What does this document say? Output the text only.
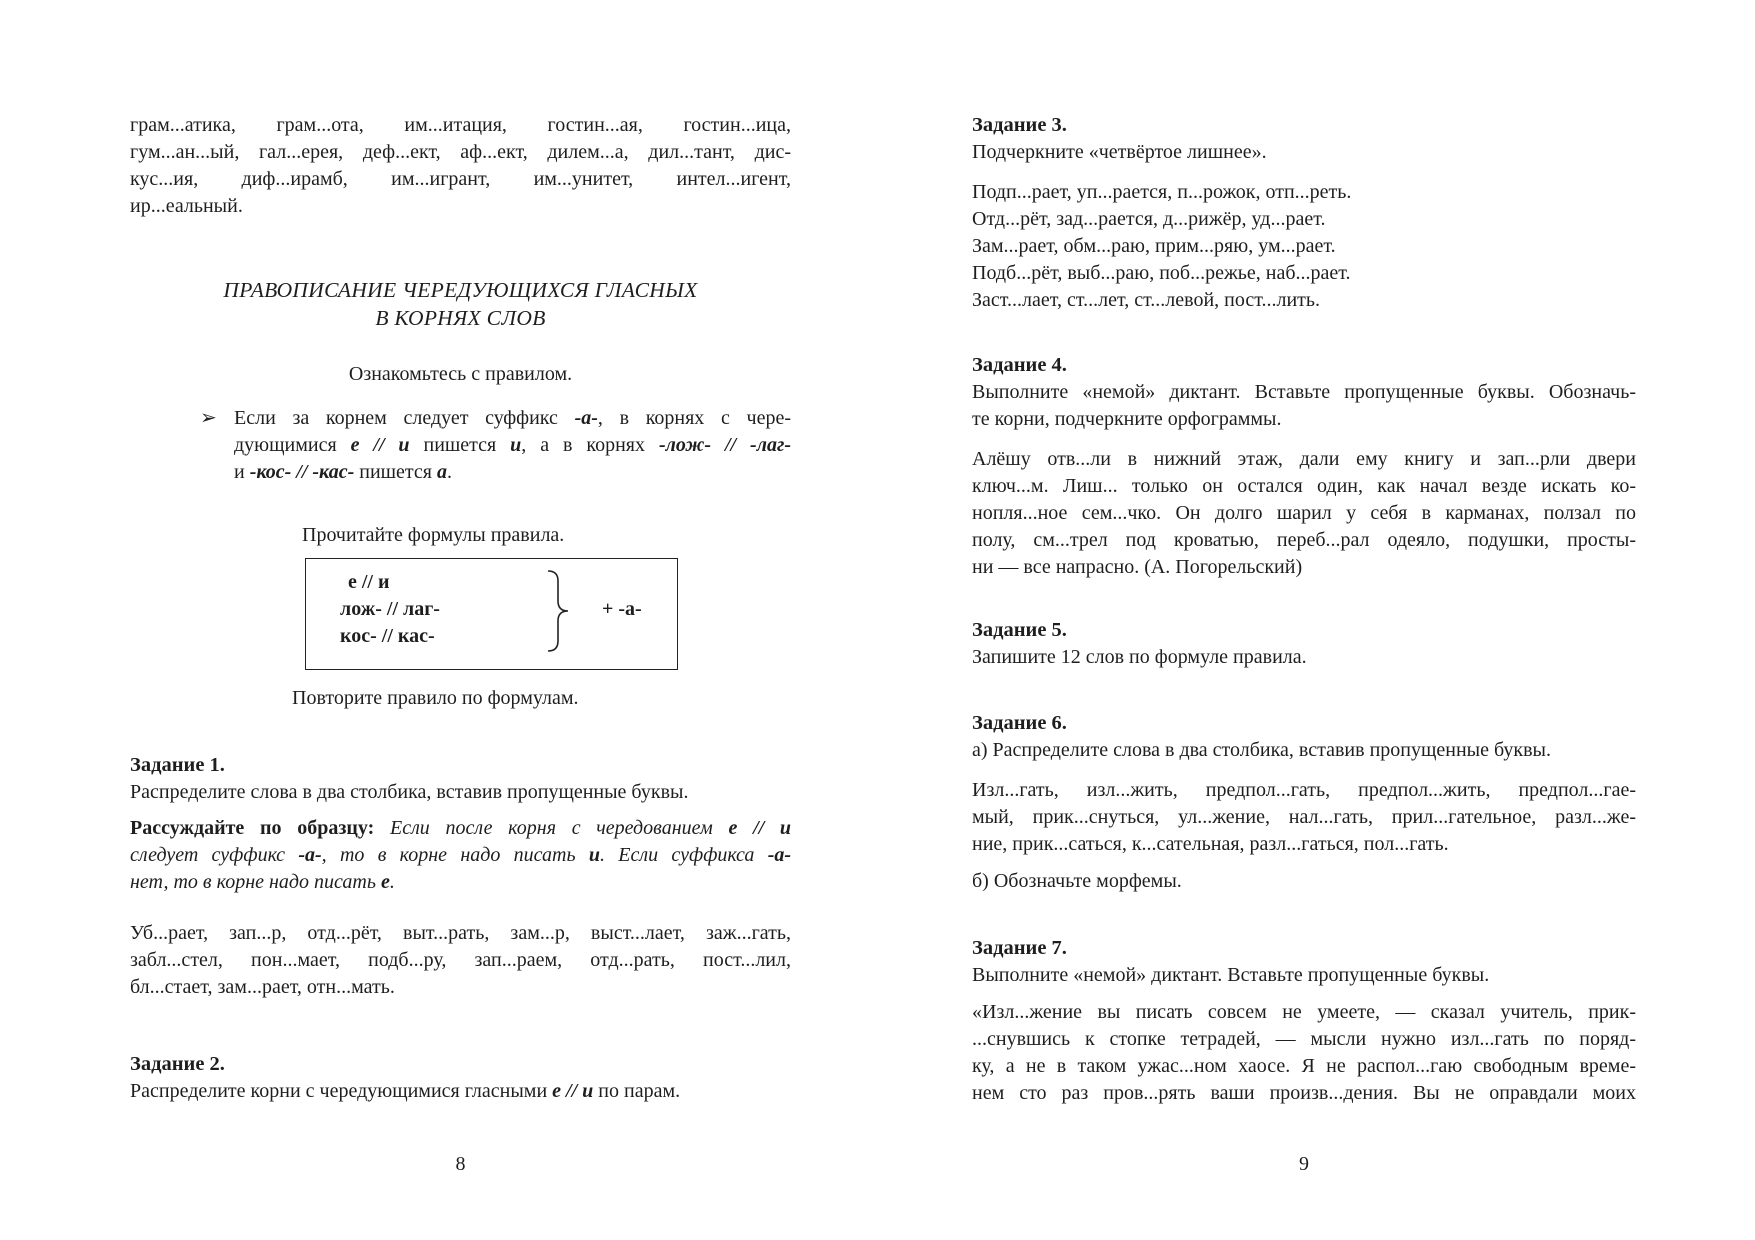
грам...атика, грам...ота, им...итация, гостин...ая, гостин...ица,
гум...ан...ый, гал...ерея, деф...ект, аф...ект, дилем...а, дил...тант, дис-
кус...ия, диф...ирамб, им...игрант, им...унитет, интел...игент,
ир...еальный.
ПРАВОПИСАНИЕ ЧЕРЕДУЮЩИХСЯ ГЛАСНЫХ
В КОРНЯХ СЛОВ

Ознакомьтесь с правилом.

➢ Если за корнем следует суффикс -а-, в корнях с чере-
дующимися е // и пишется и, а в корнях -лож- // -лаг-
и -кос- // -кас- пишется а.

Прочитайте формулы правила.

е // и
лож- // лаг-
кос- // кас-
+ -а-

Повторите правило по формулам.

Задание 1.
Распределите слова в два столбика, вставив пропущенные буквы.
Рассуждайте по образцу: Если после корня с чередованием е // и
следует суффикс -а-, то в корне надо писать и. Если суффикса -а-
нет, то в корне надо писать е.
Уб...рает, зап...р, отд...рёт, выт...рать, зам...р, выст...лает, заж...гать,
забл...стел, пон...мает, подб...ру, зап...раем, отд...рать, пост...лил,
бл...стает, зам...рает, отн...мать.
Задание 2.
Распределите корни с чередующимися гласными е // и по парам.
8
Задание 3.
Подчеркните «четвёртое лишнее».
Подп...рает, уп...рается, п...рожок, отп...реть.
Отд...рёт, зад...рается, д...рижёр, уд...рает.
Зам...рает, обм...раю, прим...ряю, ум...рает.
Подб...рёт, выб...раю, поб...режье, наб...рает.
Заст...лает, ст...лет, ст...левой, пост...лить.
Задание 4.
Выполните «немой» диктант. Вставьте пропущенные буквы. Обозначь-
те корни, подчеркните орфограммы.
Алёшу отв...ли в нижний этаж, дали ему книгу и зап...рли двери
ключ...м. Лиш... только он остался один, как начал везде искать ко-
нопля...ное сем...чко. Он долго шарил у себя в карманах, ползал по
полу, см...трел под кроватью, переб...рал одеяло, подушки, просты-
ни — все напрасно. (А. Погорельский)
Задание 5.
Запишите 12 слов по формуле правила.
Задание 6.
а) Распределите слова в два столбика, вставив пропущенные буквы.
Изл...гать, изл...жить, предпол...гать, предпол...жить, предпол...гае-
мый, прик...снуться, ул...жение, нал...гать, прил...гательное, разл...же-
ние, прик...саться, к...сательная, разл...гаться, пол...гать.
б) Обозначьте морфемы.
Задание 7.
Выполните «немой» диктант. Вставьте пропущенные буквы.
«Изл...жение вы писать совсем не умеете, — сказал учитель, прик-
...снувшись к стопке тетрадей, — мысли нужно изл...гать по поряд-
ку, а не в таком ужас...ном хаосе. Я не распол...гаю свободным време-
нем сто раз пров...рять ваши произв...дения. Вы не оправдали моих
9
